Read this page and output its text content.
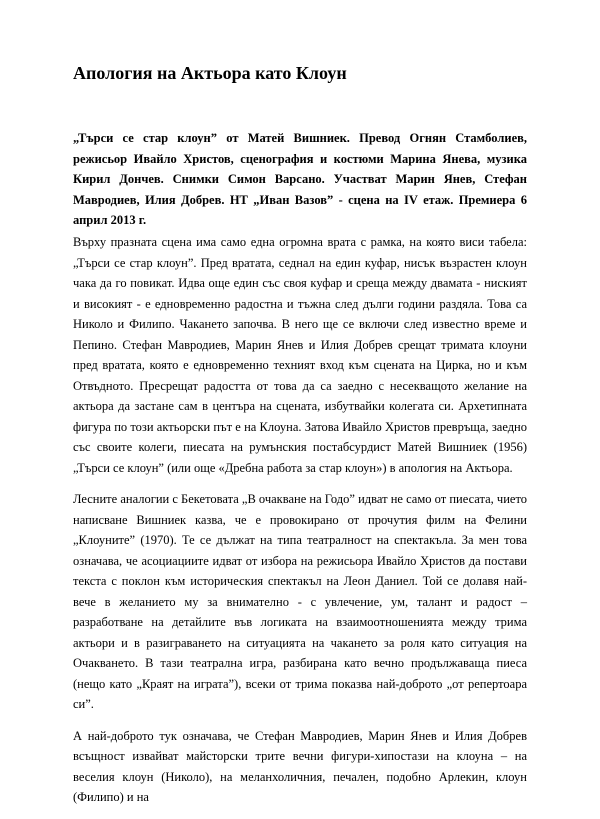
Апология на Актьора като Клоун

„Търси се стар клоун” от Матей Вишниек. Превод Огнян Стамболиев, режисьор Ивайло Христов, сценография и костюми Марина Янева, музика Кирил Дончев. Снимки Симон Варсано. Участват Марин Янев, Стефан Мавродиев, Илия Добрев. НТ „Иван Вазов” - сцена на IV етаж. Премиера 6 април 2013 г.

Върху празната сцена има само една огромна врата с рамка, на която виси табела: „Търси се стар клоун”. Пред вратата, седнал на един куфар, нисък възрастен клоун чака да го повикат. Идва още един със своя куфар и среща между двамата - ниският и високият - е едновременно радостна и тъжна след дълги години раздяла. Това са Николо и Филипо. Чакането започва. В него ще се включи след известно време и Пепино. Стефан Мавродиев, Марин Янев и Илия Добрев срещат тримата клоуни пред вратата, която е едновременно техният вход към сцената на Цирка, но и към Отвъдното. Пресрещат радостта от това да са заедно с несекващото желание на актьора да застане сам в центъра на сцената, избутвайки колегата си. Архетипната фигура по този актьорски път е на Клоуна. Затова Ивайло Христов превръща, заедно със своите колеги, пиесата на румънския постабсурдист Матей Вишниек (1956) „Търси се клоун” (или още «Дребна работа за стар клоун») в апология на Актьора.

Лесните аналогии с Бекетовата „В очакване на Годо” идват не само от пиесата, чието написване Вишниек казва, че е провокирано от прочутия филм на Фелини „Клоуните” (1970). Те се дължат на типа театралност на спектакъла. За мен това означава, че асоциациите идват от избора на режисьора Ивайло Христов да постави текста с поклон към историческия спектакъл на Леон Даниел. Той се долавя най-вече в желанието му за внимателно - с увлечение, ум, талант и радост – разработване на детайлите във логиката на взаимоотношенията между трима актьори и в разиграването на ситуацията на чакането за роля като ситуация на Очакването. В тази театрална игра, разбирана като вечно продължаваща пиеса (нещо като „Краят на играта”), всеки от трима показва най-доброто „от репертоара си”.

А най-доброто тук означава, че Стефан Мавродиев, Марин Янев и Илия Добрев всъщност извайват майсторски трите вечни фигури-хипостази на клоуна – на веселия клоун (Николо), на меланхоличния, печален, подобно Арлекин, клоун (Филипо) и на
